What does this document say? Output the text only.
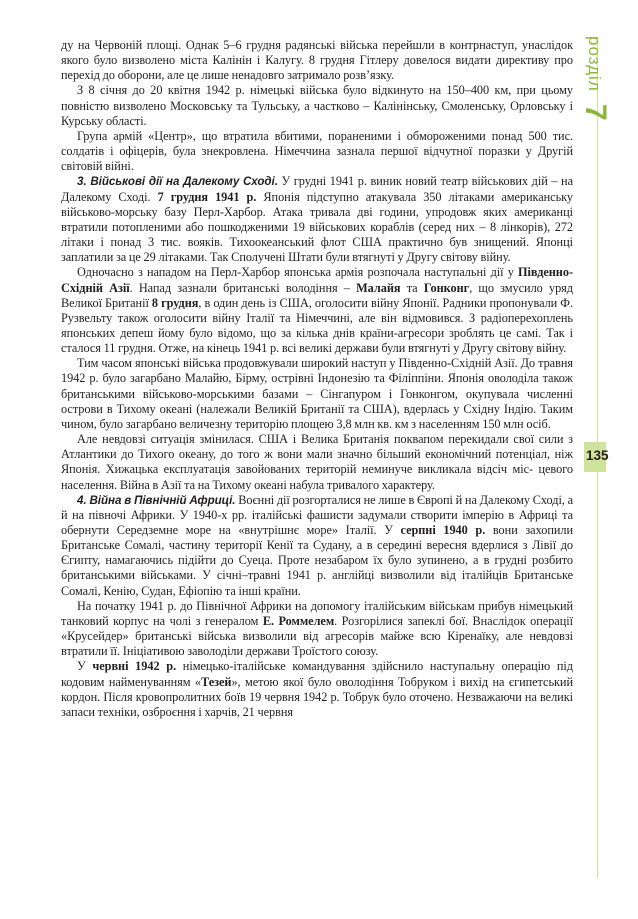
розділ
7
135

ду на Червоній площі. Однак 5–6 грудня радянські війська перейшли в контрнаступ, унаслідок якого було визволено міста Калінін і Калугу. 8 грудня Гітлеру довелося видати директиву про перехід до оборони, але це лише ненадовго затримало розв’язку.

З 8 січня до 20 квітня 1942 р. німецькі війська було відкинуто на 150–400 км, при цьому повністю визволено Московську та Тульську, а частково – Калінінську, Смоленську, Орловську і Курську області.

Група армій «Центр», що втратила вбитими, пораненими і обмороженими понад 500 тис. солдатів і офіцерів, була знекровлена. Німеччина зазнала першої відчутної поразки у Другій світовій війні.

3. Військові дії на Далекому Сході. У грудні 1941 р. виник новий театр військових дій – на Далекому Сході. 7 грудня 1941 р. Японія підступно атакувала 350 літаками американську військово-морську базу Перл-Харбор. Атака тривала дві години, упродовж яких американці втратили потопленими або пошкодженими 19 військових кораблів (серед них – 8 лінкорів), 272 літаки і понад 3 тис. вояків. Тихоокеанський флот США практично був знищений. Японці заплатили за це 29 літаками. Так Сполучені Штати були втягнуті у Другу світову війну.

Одночасно з нападом на Перл-Харбор японська армія розпочала наступальні дії у Південно-Східній Азії. Напад зазнали британські володіння – Малайя та Гонконг, що змусило уряд Великої Британії 8 грудня, в один день із США, оголосити війну Японії. Радники пропонували Ф. Рузвельту також оголосити війну Італії та Німеччині, але він відмовився. З радіоперехоплень японських депеш йому було відомо, що за кілька днів країни-агресори зроблять це самі. Так і сталося 11 грудня. Отже, на кінець 1941 р. всі великі держави були втягнуті у Другу світову війну.

Тим часом японські війська продовжували широкий наступ у Південно-Східній Азії. До травня 1942 р. було загарбано Малайю, Бірму, острівні Індонезію та Філіппіни. Японія оволоділа також британськими військово-морськими базами – Сінгапуром і Гонконгом, окупувала численні острови в Тихому океані (належали Великій Британії та США), вдерлась у Східну Індію. Таким чином, було загарбано величезну територію площею 3,8 млн кв. км з населенням 150 млн осіб.

Але невдовзі ситуація змінилася. США і Велика Британія поквапом перекидали свої сили з Атлантики до Тихого океану, до того ж вони мали значно більший економічний потенціал, ніж Японія. Хижацька експлуатація завойованих територій неминуче викликала відсіч міс- цевого населення. Війна в Азії та на Тихому океані набула тривалого характеру.

4. Війна в Північній Африці. Воєнні дії розгорталися не лише в Європі й на Далекому Сході, а й на півночі Африки. У 1940-х рр. італійські фашисти задумали створити імперію в Африці та обернути Середземне море на «внутрішнє море» Італії. У серпні 1940 р. вони захопили Британське Сомалі, частину території Кенії та Судану, а в середині вересня вдерлися з Лівії до Єгипту, намагаючись підійти до Суеца. Проте незабаром їх було зупинено, а в грудні розбито британськими військами. У січні–травні 1941 р. англійці визволили від італійців Британське Сомалі, Кенію, Судан, Ефіопію та інші країни.

На початку 1941 р. до Північної Африки на допомогу італійським військам прибув німецький танковий корпус на чолі з генералом Е. Роммелем. Розгорілися запеклі бої. Внаслідок операції «Крусейдер» британські війська визволили від агресорів майже всю Кіренаїку, але невдовзі втратили її. Ініціативою заволоділи держави Троїстого союзу.

У червні 1942 р. німецько-італійське командування здійснило наступальну операцію під кодовим найменуванням «Тезей», метою якої було оволодіння Тобруком і вихід на єгипетський кордон. Після кровопролитних боїв 19 червня 1942 р. Тобрук було оточено. Незважаючи на великі запаси техніки, озброєння і харчів, 21 червня
